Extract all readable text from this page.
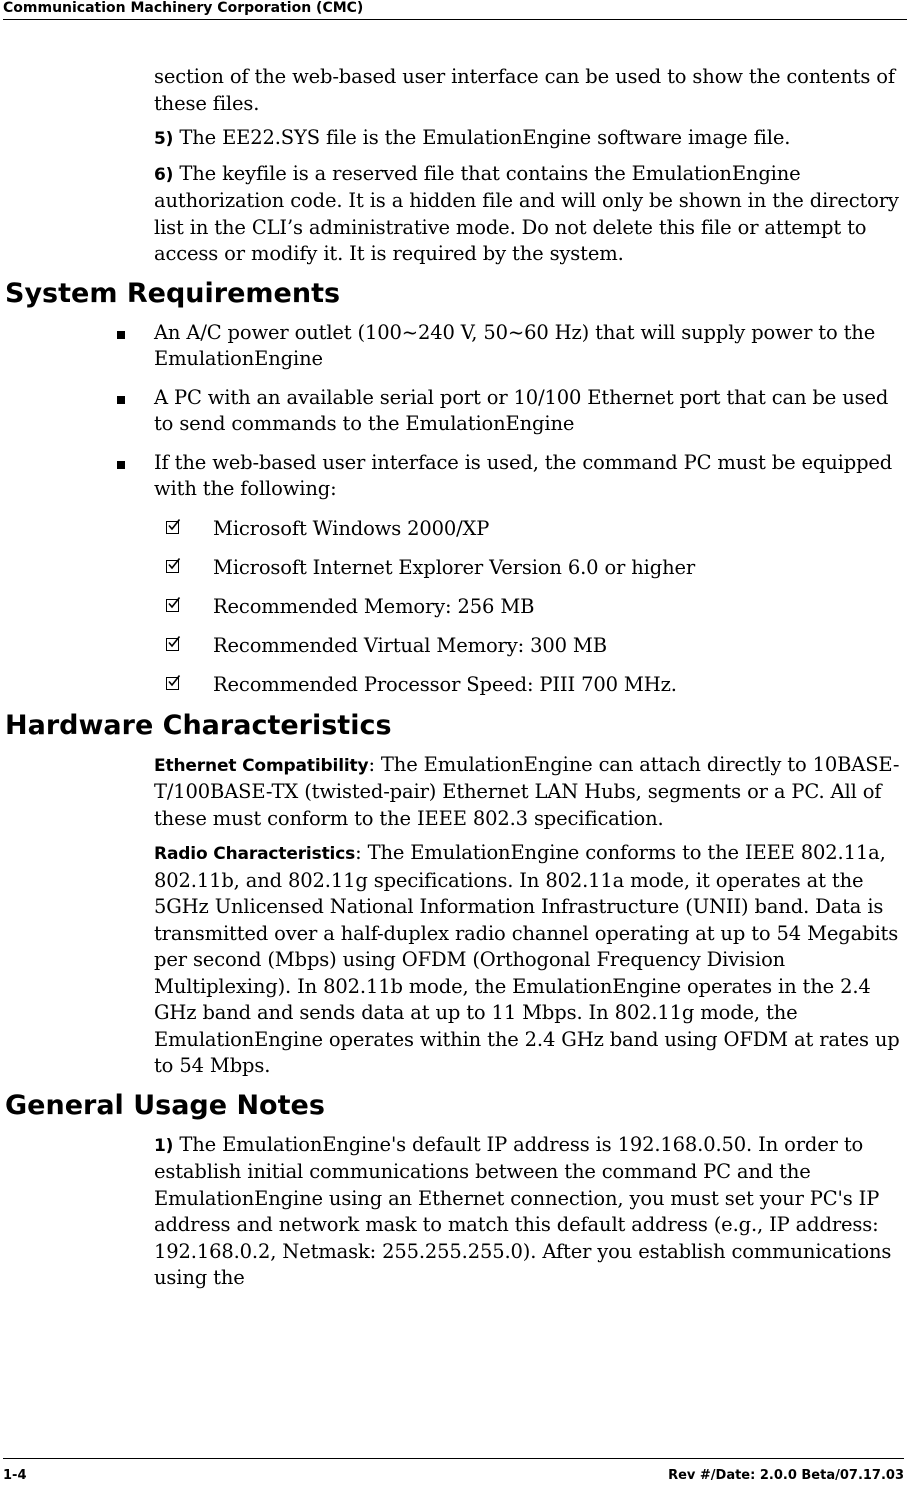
Communication Machinery Corporation (CMC)

section of the web-based user interface can be used to show the contents of these files.

5) The EE22.SYS file is the EmulationEngine software image file.

6) The keyfile is a reserved file that contains the EmulationEngine authorization code. It is a hidden file and will only be shown in the directory list in the CLI’s administrative mode. Do not delete this file or attempt to access or modify it. It is required by the system.

System Requirements
An A/C power outlet (100~240 V, 50~60 Hz) that will supply power to the EmulationEngine
A PC with an available serial port or 10/100 Ethernet port that can be used to send commands to the EmulationEngine
If the web-based user interface is used, the command PC must be equipped with the following:
Microsoft Windows 2000/XP
Microsoft Internet Explorer Version 6.0 or higher
Recommended Memory: 256 MB
Recommended Virtual Memory: 300 MB
Recommended Processor Speed: PIII 700 MHz.
Hardware Characteristics

Ethernet Compatibility: The EmulationEngine can attach directly to 10BASE-T/100BASE-TX (twisted-pair) Ethernet LAN Hubs, segments or a PC. All of these must conform to the IEEE 802.3 specification.

Radio Characteristics: The EmulationEngine conforms to the IEEE 802.11a, 802.11b, and 802.11g specifications. In 802.11a mode, it operates at the 5GHz Unlicensed National Information Infrastructure (UNII) band. Data is transmitted over a half-duplex radio channel operating at up to 54 Megabits per second (Mbps) using OFDM (Orthogonal Frequency Division Multiplexing). In 802.11b mode, the EmulationEngine operates in the 2.4 GHz band and sends data at up to 11 Mbps. In 802.11g mode, the EmulationEngine operates within the 2.4 GHz band using OFDM at rates up to 54 Mbps.

General Usage Notes

1) The EmulationEngine's default IP address is 192.168.0.50. In order to establish initial communications between the command PC and the EmulationEngine using an Ethernet connection, you must set your PC's IP address and network mask to match this default address (e.g., IP address: 192.168.0.2, Netmask: 255.255.255.0). After you establish communications using the

1-4	Rev #/Date: 2.0.0 Beta/07.17.03
